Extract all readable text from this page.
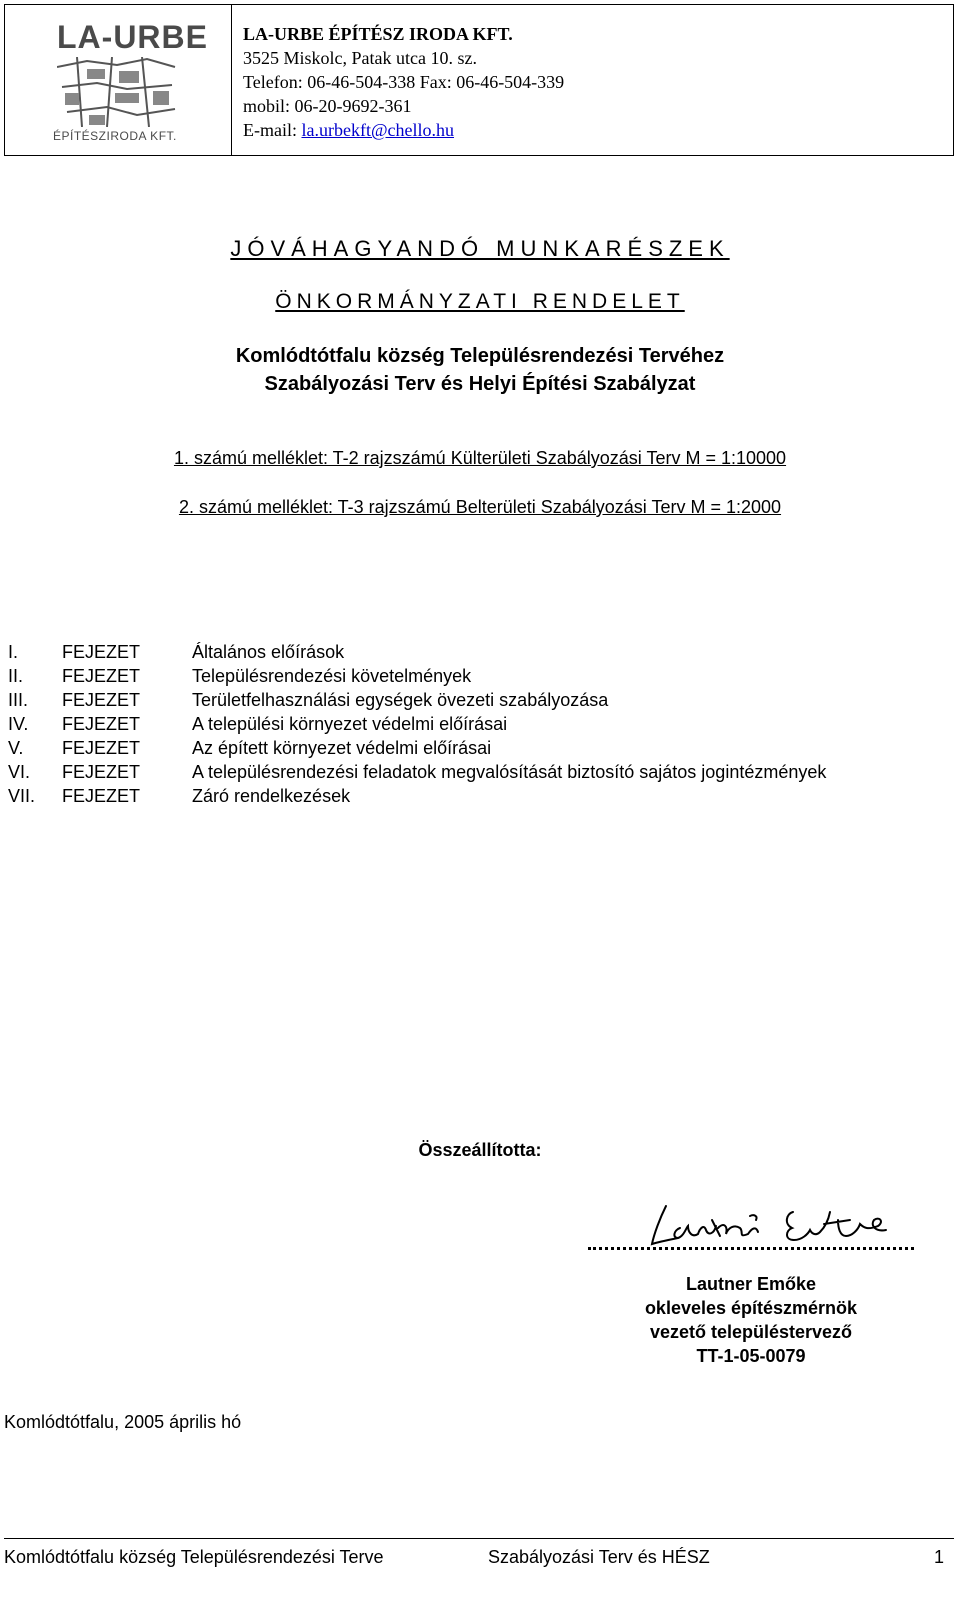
LA-URBE
ÉPÍTÉSZIRODA KFT.
LA-URBE ÉPÍTÉSZ IRODA KFT.
3525 Miskolc, Patak utca 10. sz.
Telefon: 06-46-504-338 Fax: 06-46-504-339
mobil: 06-20-9692-361
E-mail: la.urbekft@chello.hu
JÓVÁHAGYANDÓ MUNKARÉSZEK
ÖNKORMÁNYZATI RENDELET
Komlódtótfalu község Településrendezési Tervéhez
Szabályozási Terv és Helyi Építési Szabályzat
1. számú melléklet: T-2 rajzszámú Külterületi Szabályozási Terv M = 1:10000
2. számú melléklet: T-3 rajzszámú Belterületi Szabályozási Terv M = 1:2000
I.	FEJEZET	Általános előírások
II.	FEJEZET	Településrendezési követelmények
III.	FEJEZET	Területfelhasználási egységek övezeti szabályozása
IV.	FEJEZET	A települési környezet védelmi előírásai
V.	FEJEZET	Az épített környezet védelmi előírásai
VI.	FEJEZET	A településrendezési feladatok megvalósítását biztosító sajátos jogintézmények
VII.	FEJEZET	Záró rendelkezések
Összeállította:
Lautner Emőke
okleveles építészmérnök
vezető településtervező
TT-1-05-0079
Komlódtótfalu, 2005 április hó
Komlódtótfalu község Településrendezési Terve	Szabályozási Terv és HÉSZ	1
